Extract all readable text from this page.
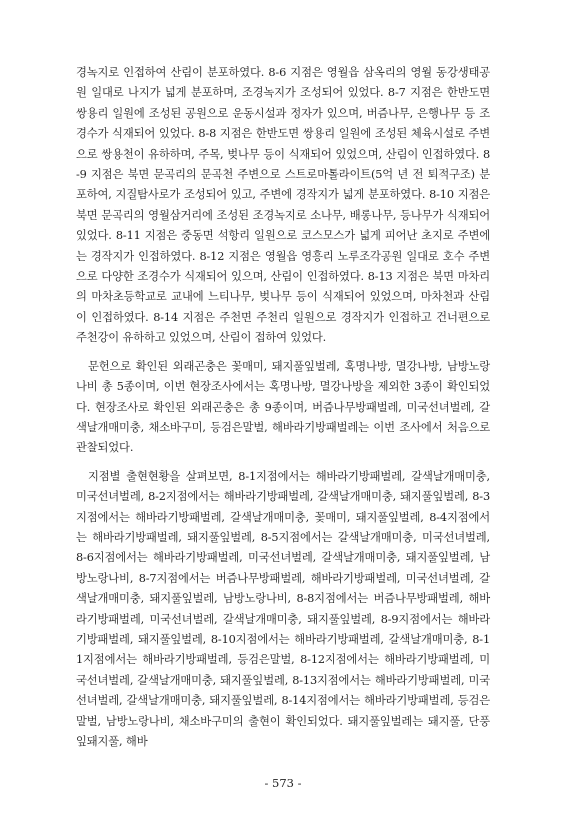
경녹지로 인접하여 산림이 분포하였다. 8-6 지점은 영월읍 삼옥리의 영월 동강생태공원 일대로 나지가 넓게 분포하며, 조경녹지가 조성되어 있었다. 8-7 지점은 한반도면 쌍용리 일원에 조성된 공원으로 운동시설과 정자가 있으며, 버즘나무, 은행나무 등 조경수가 식재되어 있었다. 8-8 지점은 한반도면 쌍용리 일원에 조성된 체육시설로 주변으로 쌍용천이 유하하며, 주목, 벚나무 등이 식재되어 있었으며, 산림이 인접하였다. 8-9 지점은 북면 문곡리의 문곡천 주변으로 스트로마톨라이트(5억 년 전 퇴적구조) 분포하여, 지질탐사로가 조성되어 있고, 주변에 경작지가 넓게 분포하였다. 8-10 지점은 북면 문곡리의 영월삼거리에 조성된 조경녹지로 소나무, 배롱나무, 등나무가 식재되어 있었다. 8-11 지점은 중동면 석항리 일원으로 코스모스가 넓게 피어난 초지로 주변에는 경작지가 인접하였다. 8-12 지점은 영월읍 영흥리 노루조각공원 일대로 호수 주변으로 다양한 조경수가 식재되어 있으며, 산림이 인접하였다. 8-13 지점은 북면 마차리의 마차초등학교로 교내에 느티나무, 벚나무 등이 식재되어 있었으며, 마차천과 산림이 인접하였다. 8-14 지점은 주천면 주천리 일원으로 경작지가 인접하고 건너편으로 주천강이 유하하고 있었으며, 산림이 접하여 있었다.

문헌으로 확인된 외래곤충은 꽃매미, 돼지풀잎벌레, 혹명나방, 멸강나방, 남방노랑나비 총 5종이며, 이번 현장조사에서는 혹명나방, 멸강나방을 제외한 3종이 확인되었다. 현장조사로 확인된 외래곤충은 총 9종이며, 버즘나무방패벌레, 미국선녀벌레, 갈색날개매미충, 채소바구미, 등검은말벌, 해바라기방패벌레는 이번 조사에서 처음으로 관찰되었다.

지점별 출현현황을 살펴보면, 8-1지점에서는 해바라기방패벌레, 갈색날개매미충, 미국선녀벌레, 8-2지점에서는 해바라기방패벌레, 갈색날개매미충, 돼지풀잎벌레, 8-3지점에서는 해바라기방패벌레, 갈색날개매미충, 꽃매미, 돼지풀잎벌레, 8-4지점에서는 해바라기방패벌레, 돼지풀잎벌레, 8-5지점에서는 갈색날개매미충, 미국선녀벌레, 8-6지점에서는 해바라기방패벌레, 미국선녀벌레, 갈색날개매미충, 돼지풀잎벌레, 남방노랑나비, 8-7지점에서는 버즘나무방패벌레, 해바라기방패벌레, 미국선녀벌레, 갈색날개매미충, 돼지풀잎벌레, 남방노랑나비, 8-8지점에서는 버즘나무방패벌레, 해바라기방패벌레, 미국선녀벌레, 갈색날개매미충, 돼지풀잎벌레, 8-9지점에서는 해바라기방패벌레, 돼지풀잎벌레, 8-10지점에서는 해바라기방패벌레, 갈색날개매미충, 8-11지점에서는 해바라기방패벌레, 등검은말벌, 8-12지점에서는 해바라기방패벌레, 미국선녀벌레, 갈색날개매미충, 돼지풀잎벌레, 8-13지점에서는 해바라기방패벌레, 미국선녀벌레, 갈색날개매미충, 돼지풀잎벌레, 8-14지점에서는 해바라기방패벌레, 등검은말벌, 남방노랑나비, 채소바구미의 출현이 확인되었다. 돼지풀잎벌레는 돼지풀, 단풍잎돼지풀, 해바

- 573 -
